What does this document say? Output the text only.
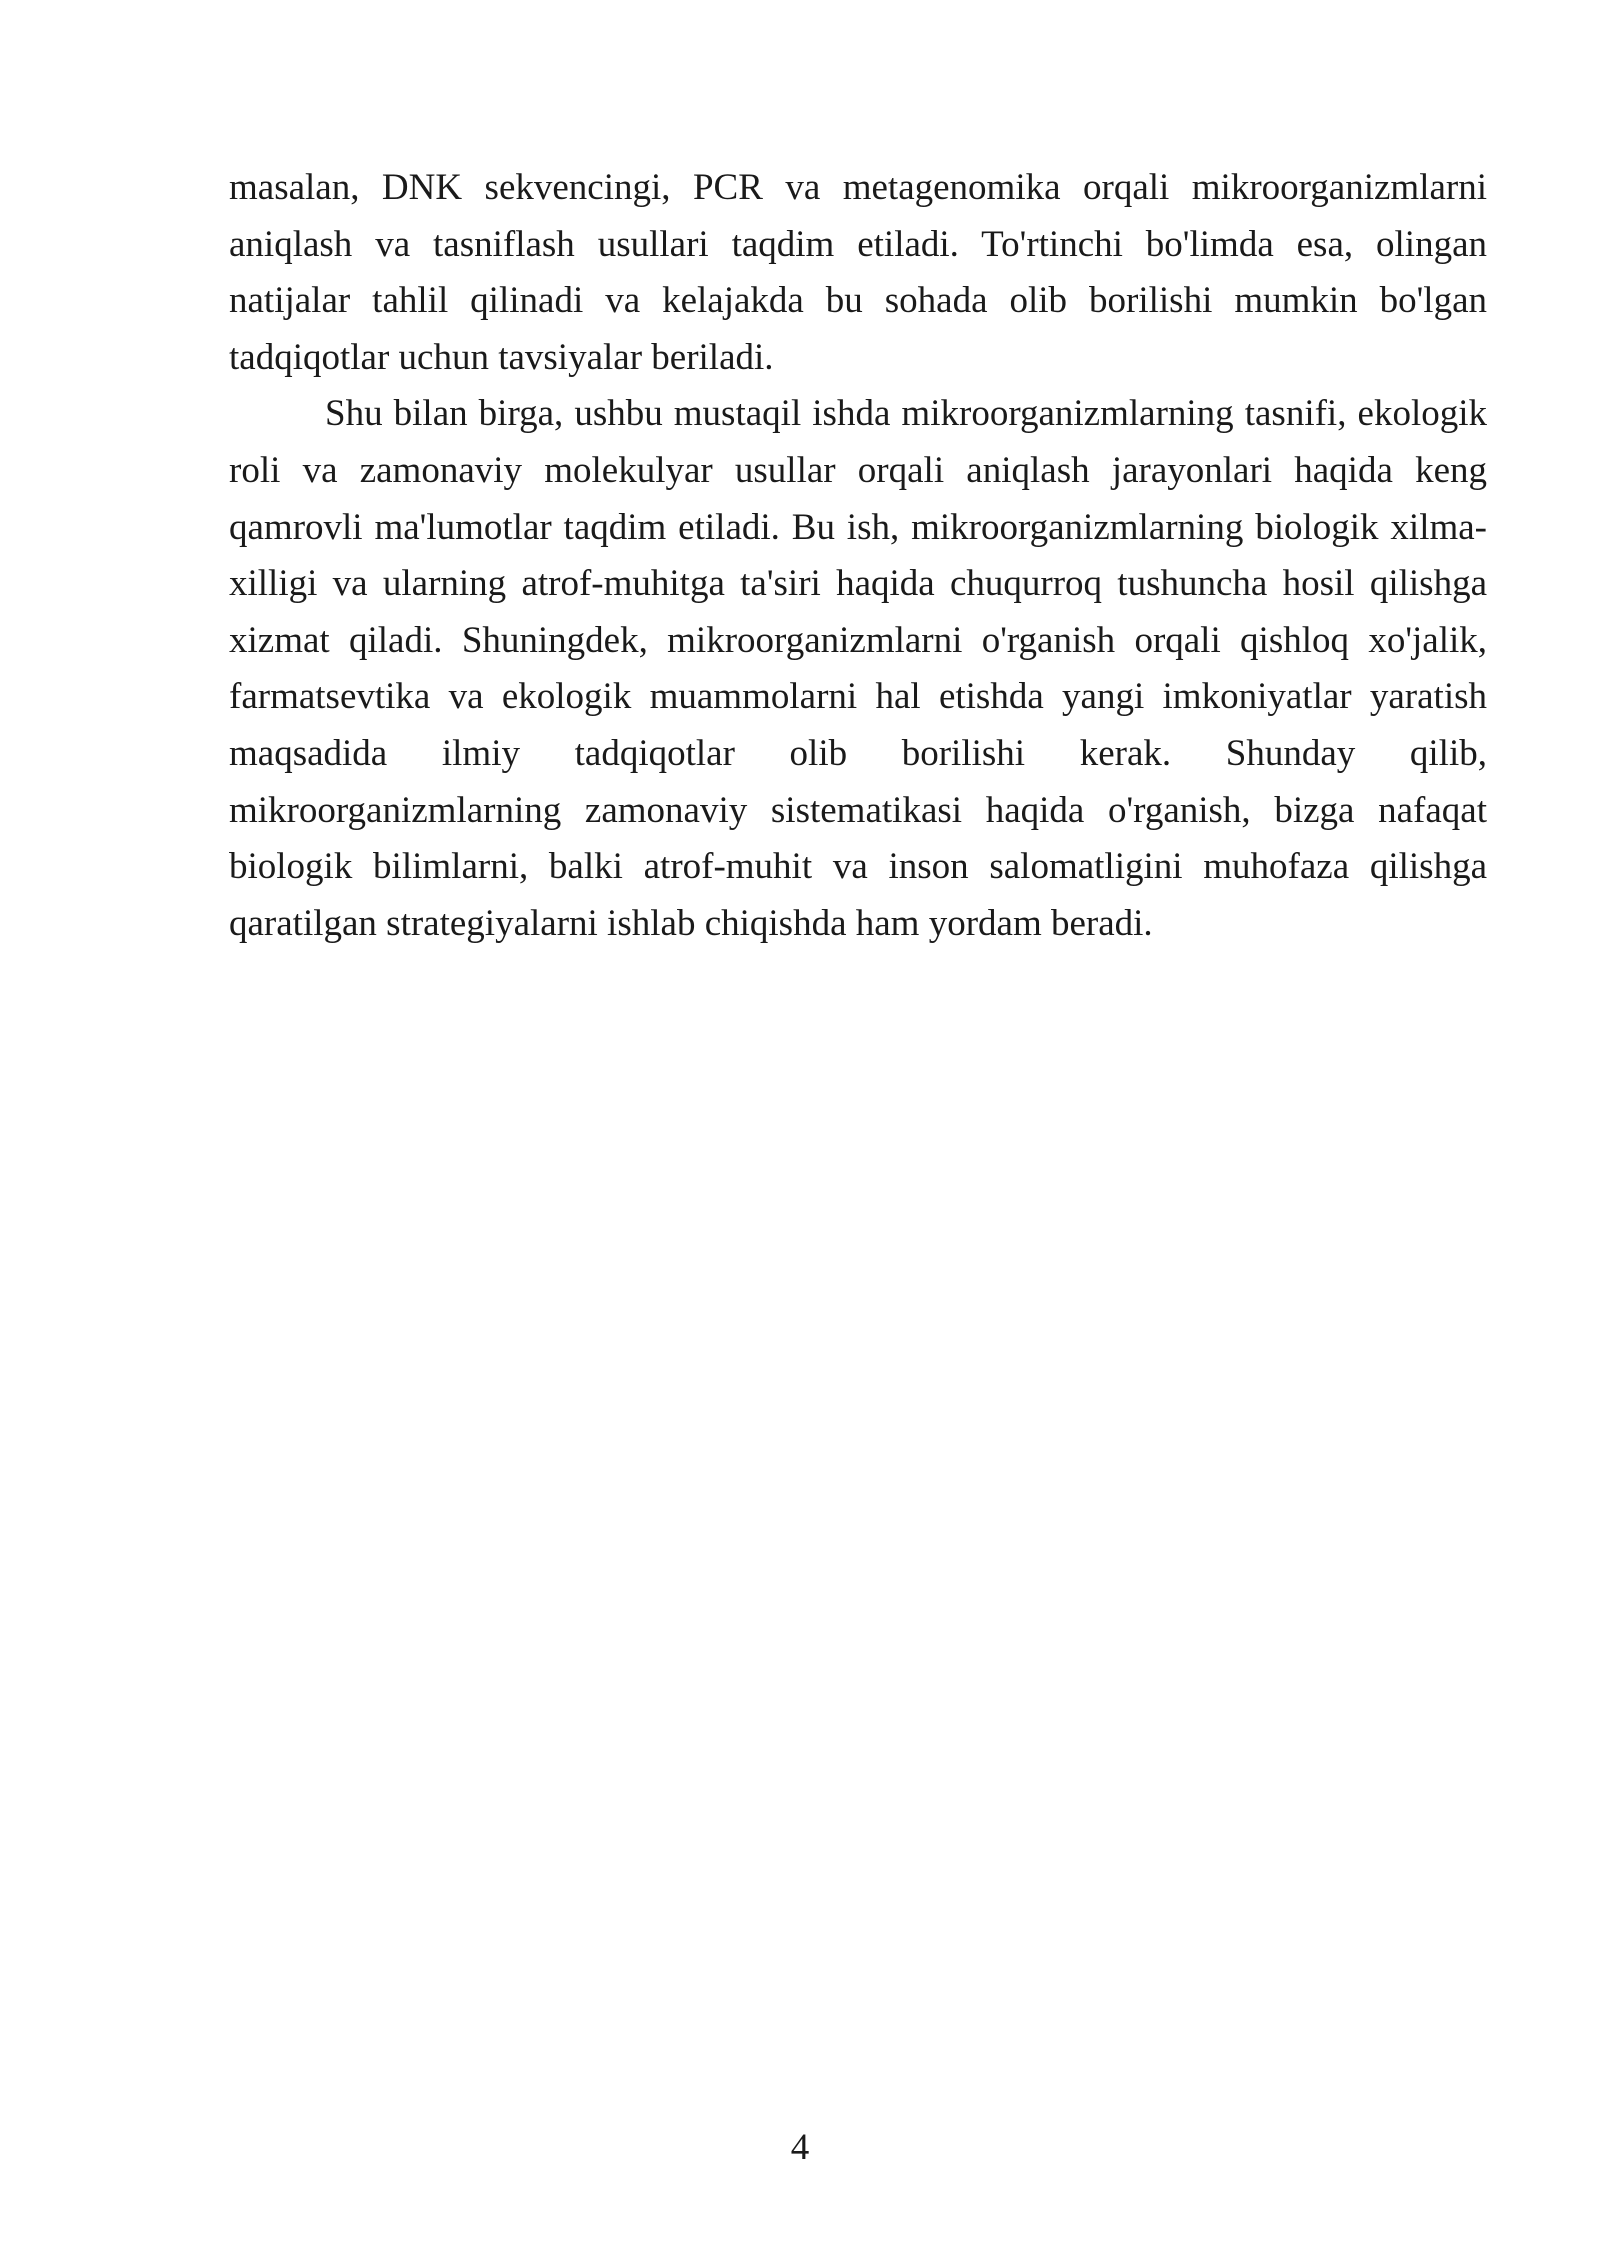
masalan, DNK sekvencingi, PCR va metagenomika orqali mikroorganizmlarni aniqlash va tasniflash usullari taqdim etiladi. To'rtinchi bo'limda esa, olingan natijalar tahlil qilinadi va kelajakda bu sohada olib borilishi mumkin bo'lgan tadqiqotlar uchun tavsiyalar beriladi.

Shu bilan birga, ushbu mustaqil ishda mikroorganizmlarning tasnifi, ekologik roli va zamonaviy molekulyar usullar orqali aniqlash jarayonlari haqida keng qamrovli ma'lumotlar taqdim etiladi. Bu ish, mikroorganizmlarning biologik xilma-xilligi va ularning atrof-muhitga ta'siri haqida chuqurroq tushuncha hosil qilishga xizmat qiladi. Shuningdek, mikroorganizmlarni o'rganish orqali qishloq xo'jalik, farmatsevtika va ekologik muammolarni hal etishda yangi imkoniyatlar yaratish maqsadida ilmiy tadqiqotlar olib borilishi kerak. Shunday qilib, mikroorganizmlarning zamonaviy sistematikasi haqida o'rganish, bizga nafaqat biologik bilimlarni, balki atrof-muhit va inson salomatligini muhofaza qilishga qaratilgan strategiyalarni ishlab chiqishda ham yordam beradi.

4
